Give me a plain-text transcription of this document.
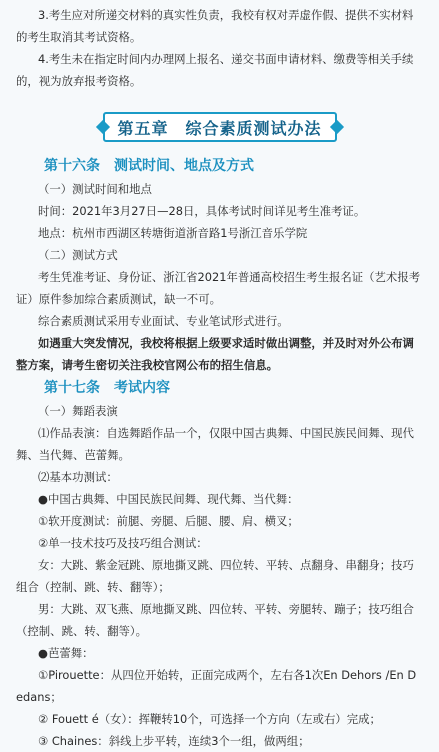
3.考生应对所递交材料的真实性负责，我校有权对弄虚作假、提供不实材料的考生取消其考试资格。

4.考生未在指定时间内办理网上报名、递交书面申请材料、缴费等相关手续的，视为放弃报考资格。

第五章　综合素质测试办法

第十六条　测试时间、地点及方式

（一）测试时间和地点

时间：2021年3月27日—28日，具体考试时间详见考生准考证。

地点：杭州市西湖区转塘街道浙音路1号浙江音乐学院

（二）测试方式

考生凭准考证、身份证、浙江省2021年普通高校招生考生报名证（艺术报考证）原件参加综合素质测试，缺一不可。

综合素质测试采用专业面试、专业笔试形式进行。

如遇重大突发情况，我校将根据上级要求适时做出调整，并及时对外公布调整方案，请考生密切关注我校官网公布的招生信息。

第十七条　考试内容

（一）舞蹈表演

⑴作品表演：自选舞蹈作品一个，仅限中国古典舞、中国民族民间舞、现代舞、当代舞、芭蕾舞。

⑵基本功测试：

●中国古典舞、中国民族民间舞、现代舞、当代舞：

①软开度测试：前腿、旁腿、后腿、腰、肩、横叉；

②单一技术技巧及技巧组合测试：

女：大跳、紫金冠跳、原地撕叉跳、四位转、平转、点翻身、串翻身；技巧组合（控制、跳、转、翻等）；

男：大跳、双飞燕、原地撕叉跳、四位转、平转、旁腿转、蹦子；技巧组合（控制、跳、转、翻等）。

●芭蕾舞：

①Pirouette：从四位开始转，正面完成两个，左右各1次En Dehors /En Dedans；

② Fouett é（女）：挥鞭转10个，可选择一个方向（左或右）完成；

③ Chaines：斜线上步平转，连续3个一组，做两组；
